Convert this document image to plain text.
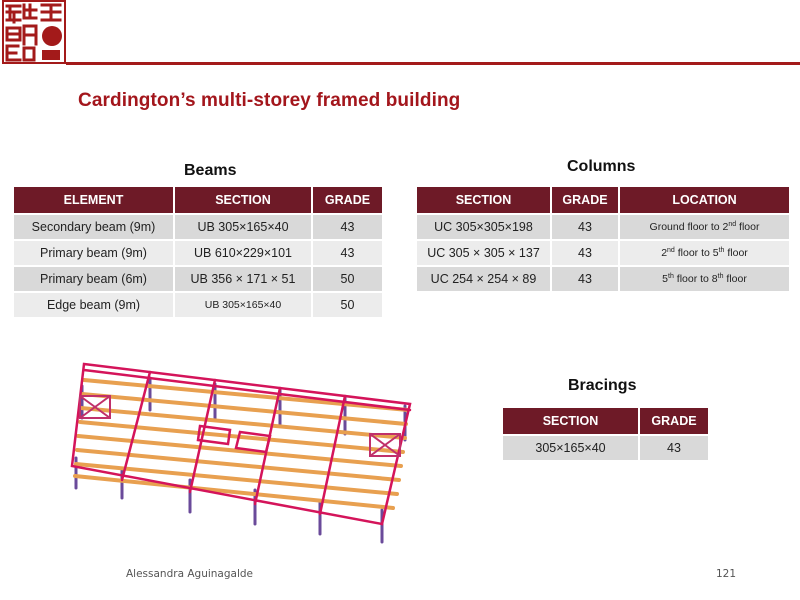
Cardington’s multi-storey framed building
Beams
ELEMENT	SECTION	GRADE
Secondary beam (9m)	UB 305×165×40	43
Primary beam (9m)	UB 610×229×101	43
Primary beam (6m)	UB 356 × 171 × 51	50
Edge beam (9m)	UB 305×165×40	50
Columns
SECTION	GRADE	LOCATION
UC 305×305×198	43	Ground floor to 2nd floor
UC 305 × 305 × 137	43	2nd floor to 5th floor
UC 254 × 254 × 89	43	5th floor to 8th floor
Bracings
SECTION	GRADE
305×165×40	43
Alessandra Aguinagalde	121
